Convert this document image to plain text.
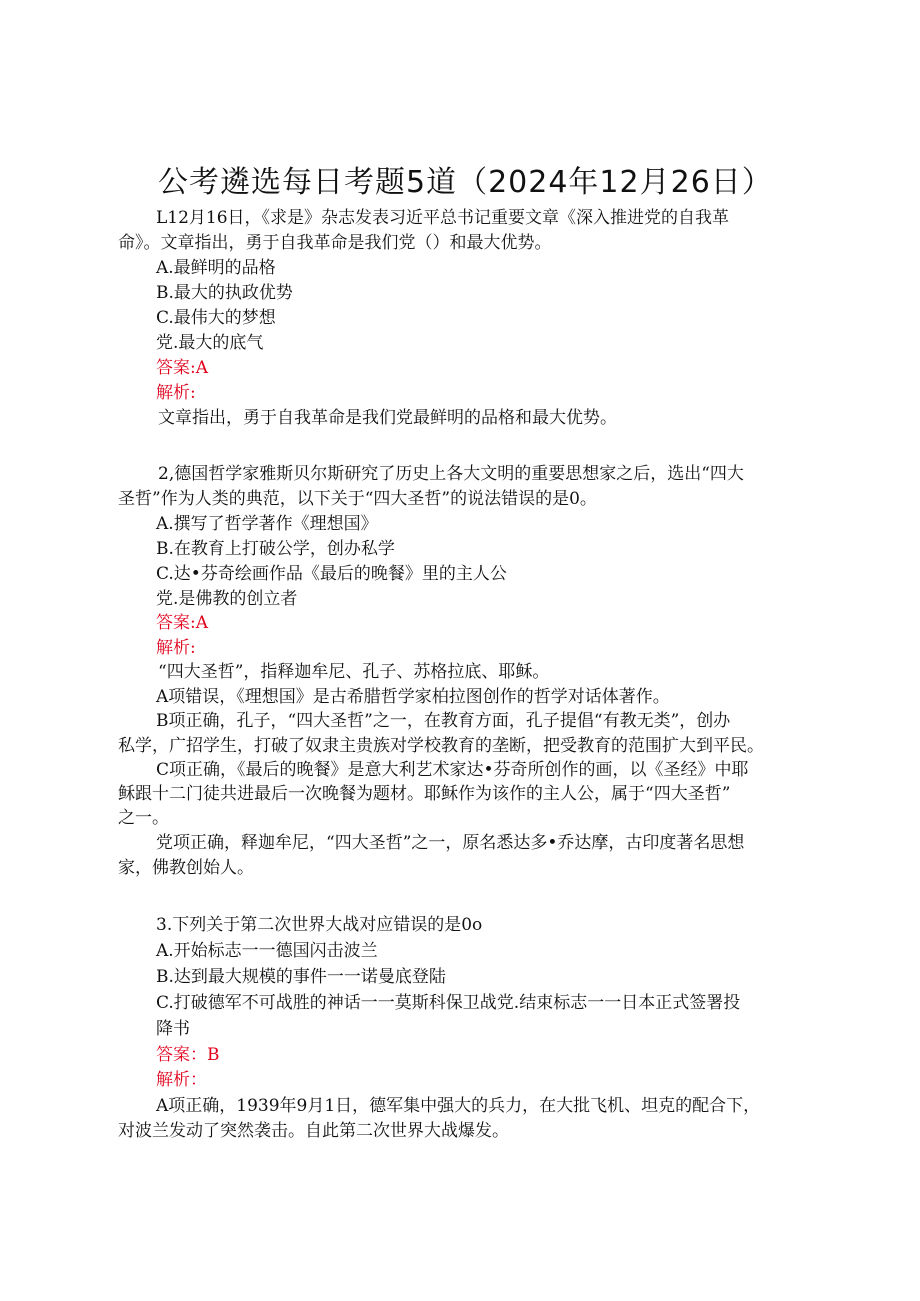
公考遴选每日考题5道（2024年12月26日）
L12月16日，《求是》杂志发表习近平总书记重要文章《深入推进党的自我革
命》。文章指出，勇于自我革命是我们党（）和最大优势。
A.最鲜明的品格
B.最大的执政优势
C.最伟大的梦想
党.最大的底气
答案:A
解析:
文章指出，勇于自我革命是我们党最鲜明的品格和最大优势。
2,德国哲学家雅斯贝尔斯研究了历史上各大文明的重要思想家之后，选出“四大
圣哲”作为人类的典范，以下关于“四大圣哲”的说法错误的是0。
A.撰写了哲学著作《理想国》
B.在教育上打破公学，创办私学
C.达•芬奇绘画作品《最后的晚餐》里的主人公
党.是佛教的创立者
答案:A
解析:
“四大圣哲”，指释迦牟尼、孔子、苏格拉底、耶稣。
A项错误，《理想国》是古希腊哲学家柏拉图创作的哲学对话体著作。
B项正确，孔子，“四大圣哲”之一，在教育方面，孔子提倡“有教无类”，创办
私学，广招学生，打破了奴隶主贵族对学校教育的垄断，把受教育的范围扩大到平民。
C项正确，《最后的晚餐》是意大利艺术家达•芬奇所创作的画，以《圣经》中耶
稣跟十二门徒共进最后一次晚餐为题材。耶稣作为该作的主人公，属于“四大圣哲”
之一。
党项正确，释迦牟尼，“四大圣哲”之一，原名悉达多•乔达摩，古印度著名思想
家，佛教创始人。
3.下列关于第二次世界大战对应错误的是0o
A.开始标志一一德国闪击波兰
B.达到最大规模的事件一一诺曼底登陆
C.打破德军不可战胜的神话一一莫斯科保卫战党.结束标志一一日本正式签署投
降书
答案：B
解析：
A项正确，1939年9月1日，德军集中强大的兵力，在大批飞机、坦克的配合下，
对波兰发动了突然袭击。自此第二次世界大战爆发。
